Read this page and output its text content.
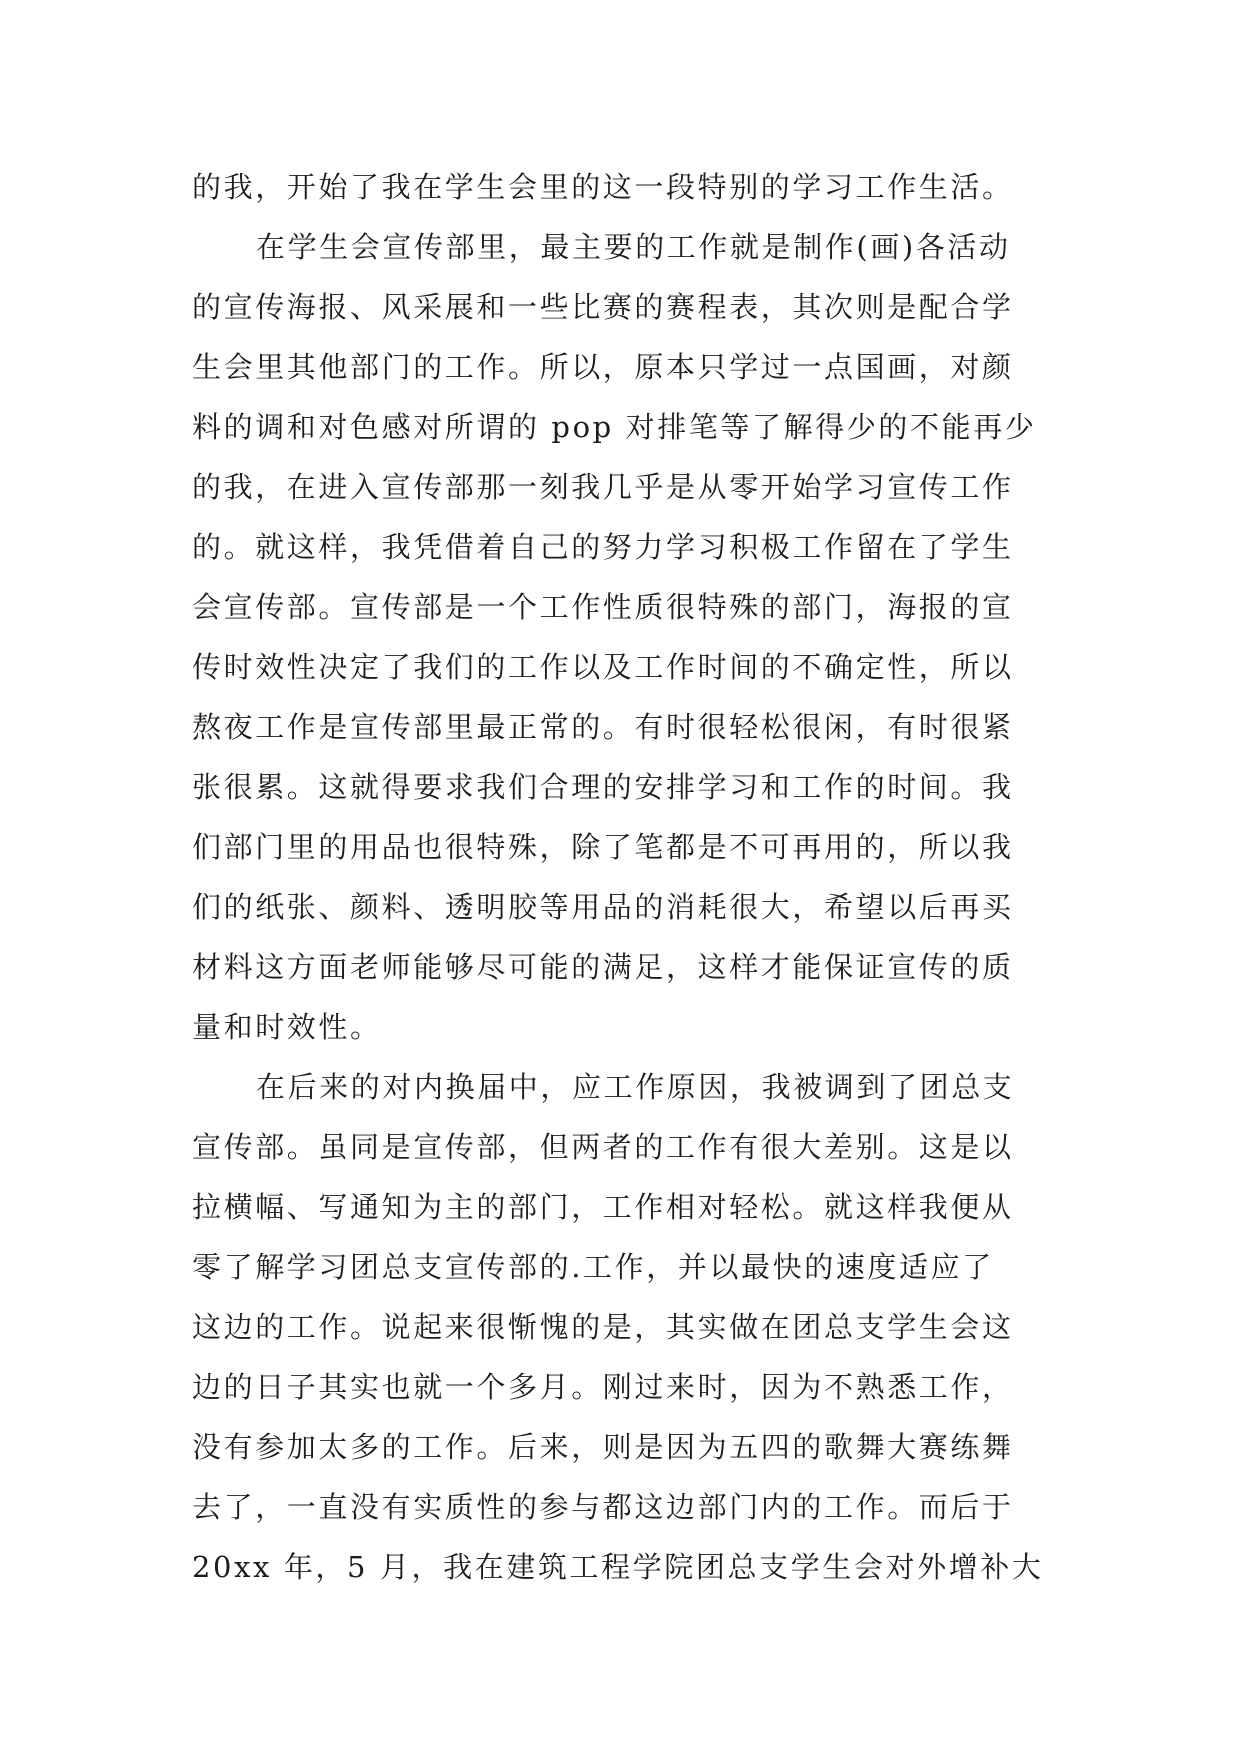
的我，开始了我在学生会里的这一段特别的学习工作生活。
在学生会宣传部里，最主要的工作就是制作(画)各活动
的宣传海报、风采展和一些比赛的赛程表，其次则是配合学
生会里其他部门的工作。所以，原本只学过一点国画，对颜
料的调和对色感对所谓的 pop 对排笔等了解得少的不能再少
的我，在进入宣传部那一刻我几乎是从零开始学习宣传工作
的。就这样，我凭借着自己的努力学习积极工作留在了学生
会宣传部。宣传部是一个工作性质很特殊的部门，海报的宣
传时效性决定了我们的工作以及工作时间的不确定性，所以
熬夜工作是宣传部里最正常的。有时很轻松很闲，有时很紧
张很累。这就得要求我们合理的安排学习和工作的时间。我
们部门里的用品也很特殊，除了笔都是不可再用的，所以我
们的纸张、颜料、透明胶等用品的消耗很大，希望以后再买
材料这方面老师能够尽可能的满足，这样才能保证宣传的质
量和时效性。
在后来的对内换届中，应工作原因，我被调到了团总支
宣传部。虽同是宣传部，但两者的工作有很大差别。这是以
拉横幅、写通知为主的部门，工作相对轻松。就这样我便从
零了解学习团总支宣传部的.工作，并以最快的速度适应了
这边的工作。说起来很惭愧的是，其实做在团总支学生会这
边的日子其实也就一个多月。刚过来时，因为不熟悉工作，
没有参加太多的工作。后来，则是因为五四的歌舞大赛练舞
去了，一直没有实质性的参与都这边部门内的工作。而后于
20xx 年，5 月，我在建筑工程学院团总支学生会对外增补大
